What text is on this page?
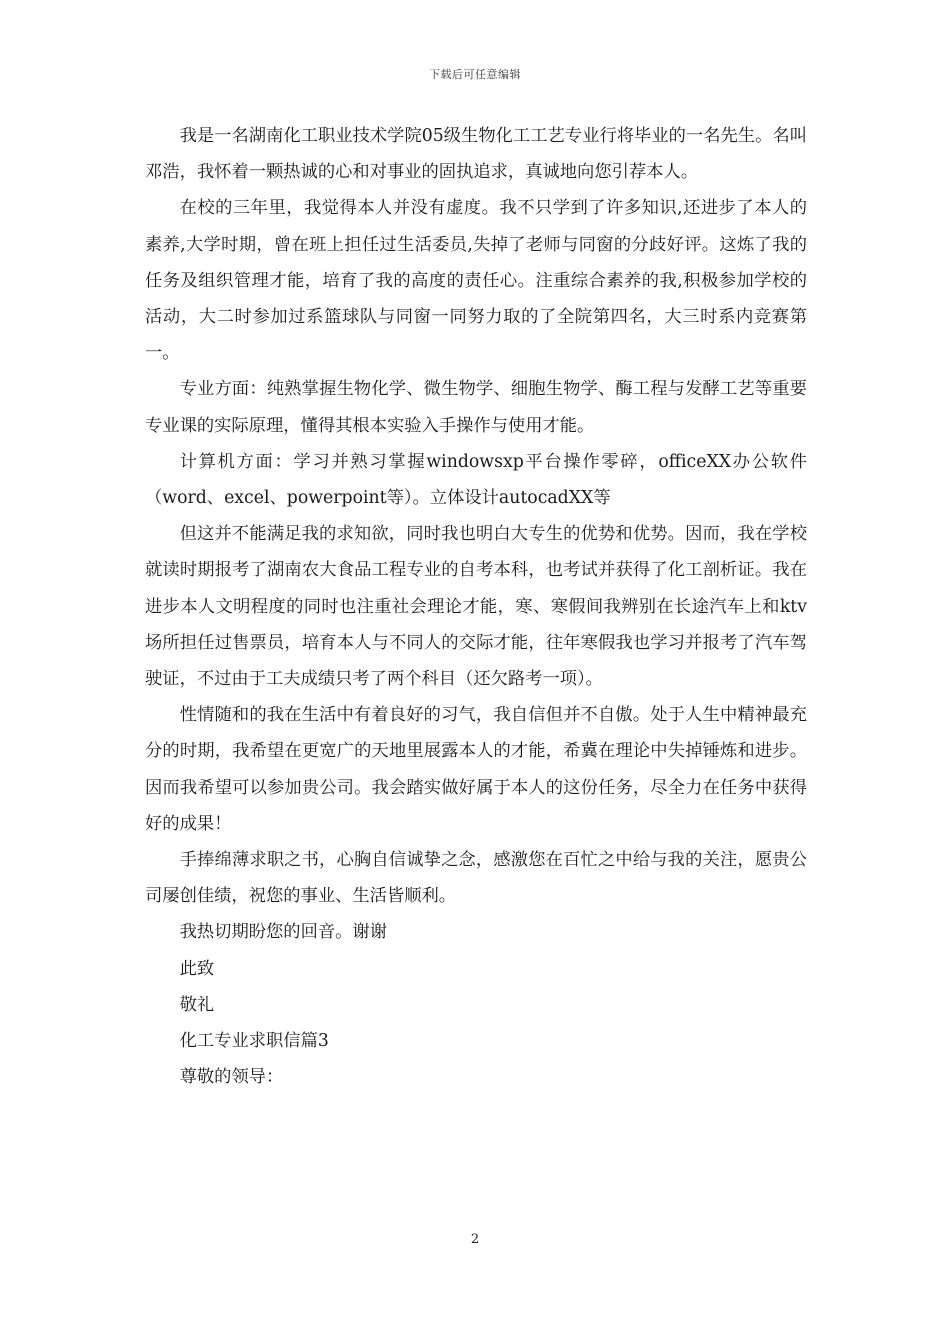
下载后可任意编辑

我是一名湖南化工职业技术学院05级生物化工工艺专业行将毕业的一名先生。名叫邓浩，我怀着一颗热诚的心和对事业的固执追求，真诚地向您引荐本人。

在校的三年里，我觉得本人并没有虚度。我不只学到了许多知识,还进步了本人的素养,大学时期，曾在班上担任过生活委员,失掉了老师与同窗的分歧好评。这炼了我的任务及组织管理才能，培育了我的高度的责任心。注重综合素养的我,积极参加学校的活动，大二时参加过系篮球队与同窗一同努力取的了全院第四名，大三时系内竞赛第一。

专业方面：纯熟掌握生物化学、微生物学、细胞生物学、酶工程与发酵工艺等重要专业课的实际原理，懂得其根本实验入手操作与使用才能。

计算机方面：学习并熟习掌握windowsxp平台操作零碎，officeXX办公软件（word、excel、powerpoint等）。立体设计autocadXX等

但这并不能满足我的求知欲，同时我也明白大专生的优势和优势。因而，我在学校就读时期报考了湖南农大食品工程专业的自考本科，也考试并获得了化工剖析证。我在进步本人文明程度的同时也注重社会理论才能，寒、寒假间我辨别在长途汽车上和ktv场所担任过售票员，培育本人与不同人的交际才能，往年寒假我也学习并报考了汽车驾驶证，不过由于工夫成绩只考了两个科目（还欠路考一项）。

性情随和的我在生活中有着良好的习气，我自信但并不自傲。处于人生中精神最充分的时期，我希望在更宽广的天地里展露本人的才能，希冀在理论中失掉锤炼和进步。因而我希望可以参加贵公司。我会踏实做好属于本人的这份任务，尽全力在任务中获得好的成果！

手捧绵薄求职之书，心胸自信诚挚之念，感激您在百忙之中给与我的关注，愿贵公司屡创佳绩，祝您的事业、生活皆顺利。

我热切期盼您的回音。谢谢

此致

敬礼

化工专业求职信篇3

尊敬的领导：

2
